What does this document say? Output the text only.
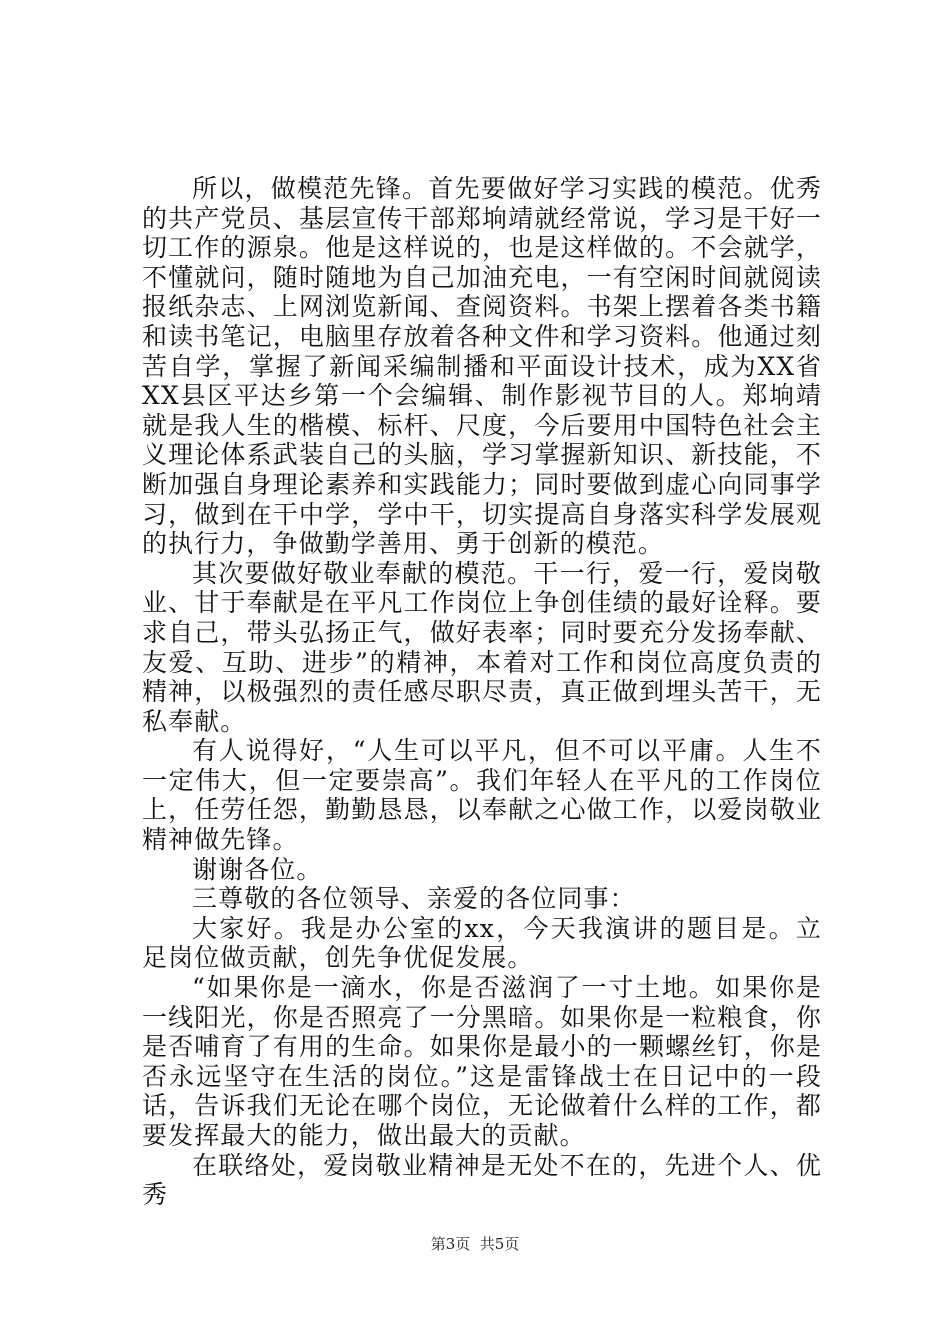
所以，做模范先锋。首先要做好学习实践的模范。优秀的共产党员、基层宣传干部郑垧靖就经常说，学习是干好一切工作的源泉。他是这样说的，也是这样做的。不会就学，不懂就问，随时随地为自己加油充电，一有空闲时间就阅读报纸杂志、上网浏览新闻、查阅资料。书架上摆着各类书籍和读书笔记，电脑里存放着各种文件和学习资料。他通过刻苦自学，掌握了新闻采编制播和平面设计技术，成为XX省XX县区平达乡第一个会编辑、制作影视节目的人。郑垧靖就是我人生的楷模、标杆、尺度，今后要用中国特色社会主义理论体系武装自己的头脑，学习掌握新知识、新技能，不断加强自身理论素养和实践能力；同时要做到虚心向同事学习，做到在干中学，学中干，切实提高自身落实科学发展观的执行力，争做勤学善用、勇于创新的模范。

其次要做好敬业奉献的模范。干一行，爱一行，爱岗敬业、甘于奉献是在平凡工作岗位上争创佳绩的最好诠释。要求自己，带头弘扬正气，做好表率；同时要充分发扬奉献、友爱、互助、进步”的精神，本着对工作和岗位高度负责的精神，以极强烈的责任感尽职尽责，真正做到埋头苦干，无私奉献。

有人说得好，“人生可以平凡，但不可以平庸。人生不一定伟大，但一定要崇高”。我们年轻人在平凡的工作岗位上，任劳任怨，勤勤恳恳，以奉献之心做工作，以爱岗敬业精神做先锋。

谢谢各位。

三尊敬的各位领导、亲爱的各位同事：

大家好。我是办公室的xx，今天我演讲的题目是。立足岗位做贡献，创先争优促发展。

“如果你是一滴水，你是否滋润了一寸土地。如果你是一线阳光，你是否照亮了一分黑暗。如果你是一粒粮食，你是否哺育了有用的生命。如果你是最小的一颗螺丝钉，你是否永远坚守在生活的岗位。”这是雷锋战士在日记中的一段话，告诉我们无论在哪个岗位，无论做着什么样的工作，都要发挥最大的能力，做出最大的贡献。

在联络处，爱岗敬业精神是无处不在的，先进个人、优秀

第3页  共5页
